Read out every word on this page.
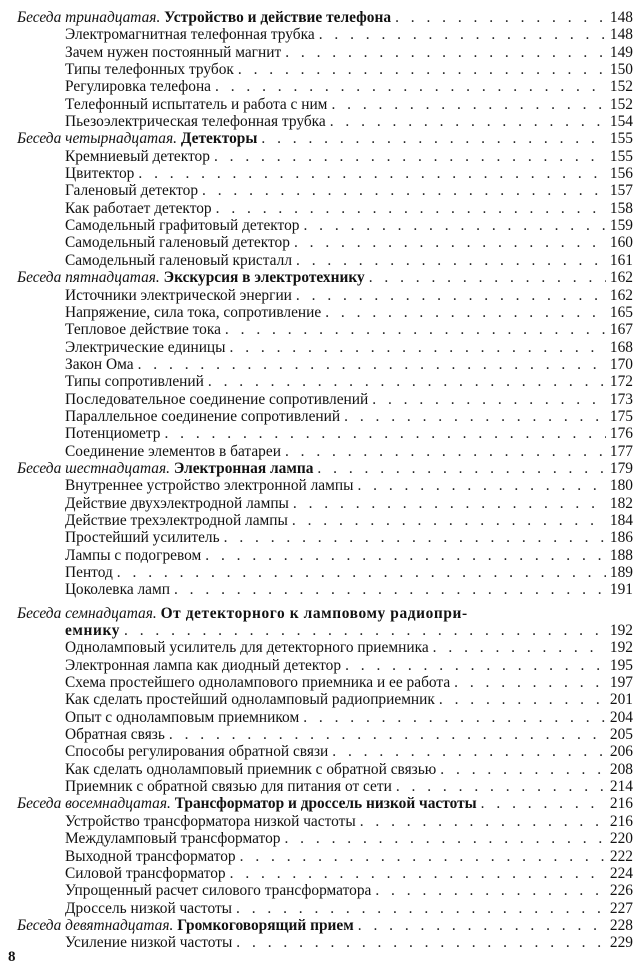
Беседа тринадцатая. Устройство и действие телефона . . .	148
Электромагнитная телефонная трубка . . .	148
Зачем нужен постоянный магнит . . .	149
Типы телефонных трубок . . .	150
Регулировка телефона . . .	152
Телефонный испытатель и работа с ним . . .	152
Пьезоэлектрическая телефонная трубка . . .	154
Беседа четырнадцатая. Детекторы . . .	155
Кремниевый детектор . . .	155
Цвитектор . . .	156
Галеновый детектор . . .	157
Как работает детектор . . .	158
Самодельный графитовый детектор . . .	159
Самодельный галеновый детектор . . .	160
Самодельный галеновый кристалл . . .	161
Беседа пятнадцатая. Экскурсия в электротехнику . . .	162
Источники электрической энергии . . .	162
Напряжение, сила тока, сопротивление . . .	165
Тепловое действие тока . . .	167
Электрические единицы . . .	168
Закон Ома . . .	170
Типы сопротивлений . . .	172
Последовательное соединение сопротивлений . . .	173
Параллельное соединение сопротивлений . . .	175
Потенциометр . . .	176
Соединение элементов в батареи . . .	177
Беседа шестнадцатая. Электронная лампа . . .	179
Внутреннее устройство электронной лампы . . .	180
Действие двухэлектродной лампы . . .	182
Действие трехэлектродной лампы . . .	184
Простейший усилитель . . .	186
Лампы с подогревом . . .	188
Пентод . . .	189
Цоколевка ламп . . .	191
Беседа семнадцатая. От детекторного к ламповому радиопри-
емнику . . .	192
Одноламповый усилитель для детекторного приемника . . .	192
Электронная лампа как диодный детектор . . .	195
Схема простейшего однолампового приемника и ее работа . . .	197
Как сделать простейший одноламповый радиоприемник . . .	201
Опыт с одноламповым приемником . . .	204
Обратная связь . . .	205
Способы регулирования обратной связи . . .	206
Как сделать одноламповый приемник с обратной связью . . .	208
Приемник с обратной связью для питания от сети . . .	214
Беседа восемнадцатая. Трансформатор и дроссель низкой частоты . . .	216
Устройство трансформатора низкой частоты . . .	216
Междуламповый трансформатор . . .	220
Выходной трансформатор . . .	222
Силовой трансформатор . . .	224
Упрощенный расчет силового трансформатора . . .	226
Дроссель низкой частоты . . .	227
Беседа девятнадцатая. Громкоговорящий прием . . .	228
Усиление низкой частоты . . .	229
8
